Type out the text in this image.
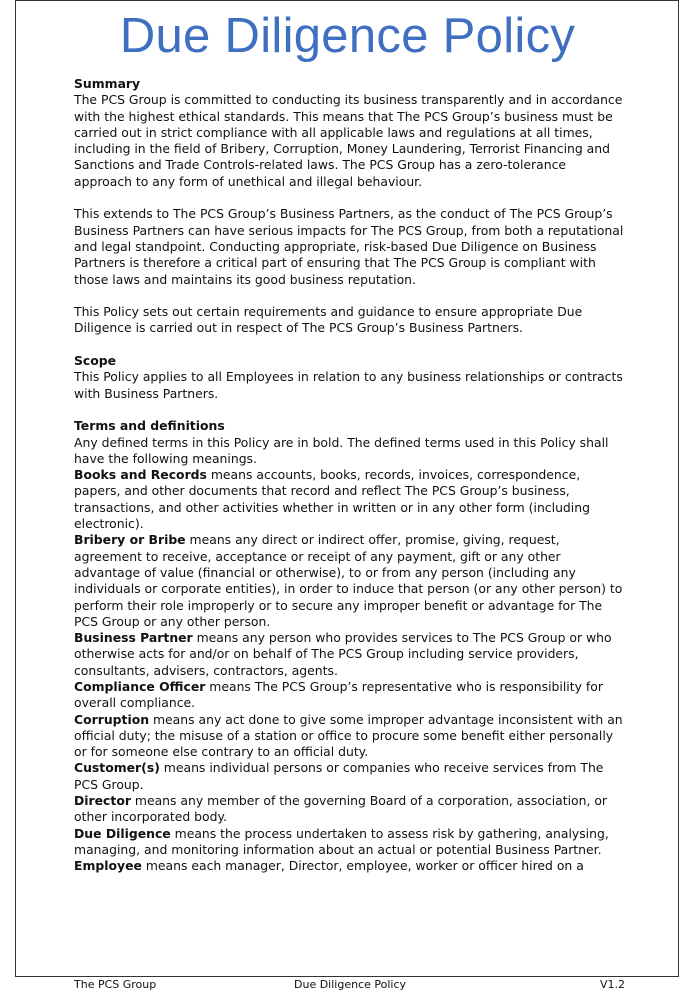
Due Diligence Policy

Summary

The PCS Group is committed to conducting its business transparently and in accordance with the highest ethical standards. This means that The PCS Group’s business must be carried out in strict compliance with all applicable laws and regulations at all times, including in the field of Bribery, Corruption, Money Laundering, Terrorist Financing and Sanctions and Trade Controls-related laws. The PCS Group has a zero-tolerance approach to any form of unethical and illegal behaviour.

This extends to The PCS Group’s Business Partners, as the conduct of The PCS Group’s Business Partners can have serious impacts for The PCS Group, from both a reputational and legal standpoint. Conducting appropriate, risk-based Due Diligence on Business Partners is therefore a critical part of ensuring that The PCS Group is compliant with those laws and maintains its good business reputation.

This Policy sets out certain requirements and guidance to ensure appropriate Due Diligence is carried out in respect of The PCS Group’s Business Partners.

Scope

This Policy applies to all Employees in relation to any business relationships or contracts with Business Partners.

Terms and definitions

Any defined terms in this Policy are in bold. The defined terms used in this Policy shall have the following meanings.

Books and Records means accounts, books, records, invoices, correspondence, papers, and other documents that record and reflect The PCS Group’s business, transactions, and other activities whether in written or in any other form (including electronic).

Bribery or Bribe means any direct or indirect offer, promise, giving, request, agreement to receive, acceptance or receipt of any payment, gift or any other advantage of value (financial or otherwise), to or from any person (including any individuals or corporate entities), in order to induce that person (or any other person) to perform their role improperly or to secure any improper benefit or advantage for The PCS Group or any other person.

Business Partner means any person who provides services to The PCS Group or who otherwise acts for and/or on behalf of The PCS Group including service providers, consultants, advisers, contractors, agents.

Compliance Officer means The PCS Group’s representative who is responsibility for overall compliance.

Corruption means any act done to give some improper advantage inconsistent with an official duty; the misuse of a station or office to procure some benefit either personally or for someone else contrary to an official duty.

Customer(s) means individual persons or companies who receive services from The PCS Group.

Director means any member of the governing Board of a corporation, association, or other incorporated body.

Due Diligence means the process undertaken to assess risk by gathering, analysing, managing, and monitoring information about an actual or potential Business Partner.

Employee means each manager, Director, employee, worker or officer hired on a

The PCS Group	Due Diligence Policy	V1.2
